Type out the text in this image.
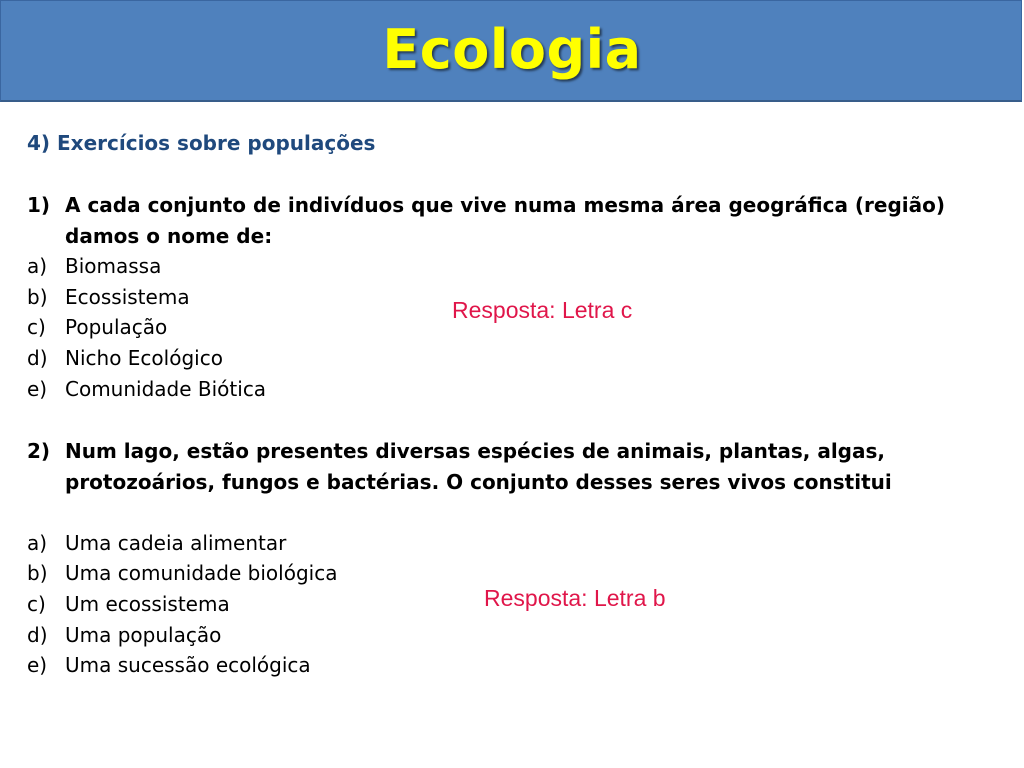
Ecologia
4) Exercícios sobre populações
1) A cada conjunto de indivíduos que vive numa mesma área geográfica (região) damos o nome de:
a) Biomassa
b) Ecossistema
c) População
d) Nicho Ecológico
e) Comunidade Biótica
Resposta: Letra c
2) Num lago, estão presentes diversas espécies de animais, plantas, algas, protozoários, fungos e bactérias. O conjunto desses seres vivos constitui
a) Uma cadeia alimentar
b) Uma comunidade biológica
c) Um ecossistema
d) Uma população
e) Uma sucessão ecológica
Resposta: Letra b
